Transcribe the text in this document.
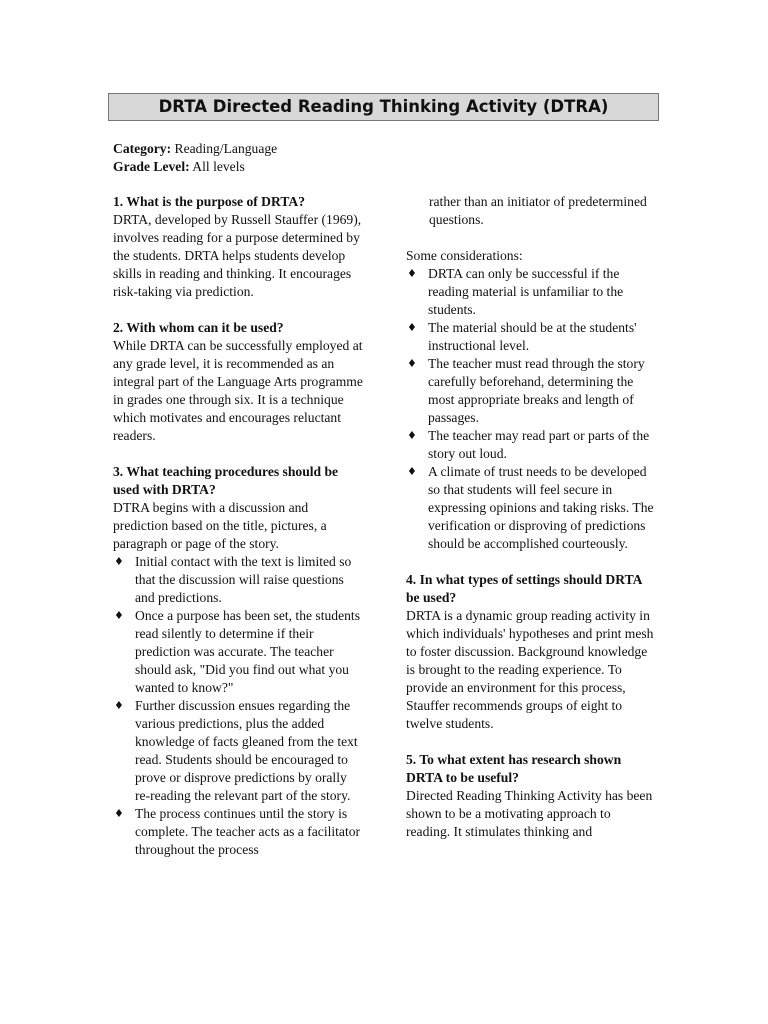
DRTA Directed Reading Thinking Activity (DTRA)
Category: Reading/Language
Grade Level: All levels
1. What is the purpose of DRTA?

DRTA, developed by Russell Stauffer (1969), involves reading for a purpose determined by the students. DRTA helps students develop skills in reading and thinking. It encourages risk-taking via prediction.

2. With whom can it be used?

While DRTA can be successfully employed at any grade level, it is recommended as an integral part of the Language Arts programme in grades one through six. It is a technique which motivates and encourages reluctant readers.

3. What teaching procedures should be used with DRTA?

DTRA begins with a discussion and prediction based on the title, pictures, a paragraph or page of the story.

♦ Initial contact with the text is limited so that the discussion will raise questions and predictions.
♦ Once a purpose has been set, the students read silently to determine if their prediction was accurate. The teacher should ask, "Did you find out what you wanted to know?"
♦ Further discussion ensues regarding the various predictions, plus the added knowledge of facts gleaned from the text read. Students should be encouraged to prove or disprove predictions by orally re-reading the relevant part of the story.
♦ The process continues until the story is complete. The teacher acts as a facilitator throughout the process

rather than an initiator of predetermined questions.

Some considerations:

♦ DRTA can only be successful if the reading material is unfamiliar to the students.
♦ The material should be at the students' instructional level.
♦ The teacher must read through the story carefully beforehand, determining the most appropriate breaks and length of passages.
♦ The teacher may read part or parts of the story out loud.
♦ A climate of trust needs to be developed so that students will feel secure in expressing opinions and taking risks. The verification or disproving of predictions should be accomplished courteously.
4. In what types of settings should DRTA be used?

DRTA is a dynamic group reading activity in which individuals' hypotheses and print mesh to foster discussion. Background knowledge is brought to the reading experience. To provide an environment for this process, Stauffer recommends groups of eight to twelve students.

5. To what extent has research shown DRTA to be useful?

Directed Reading Thinking Activity has been shown to be a motivating approach to reading. It stimulates thinking and
